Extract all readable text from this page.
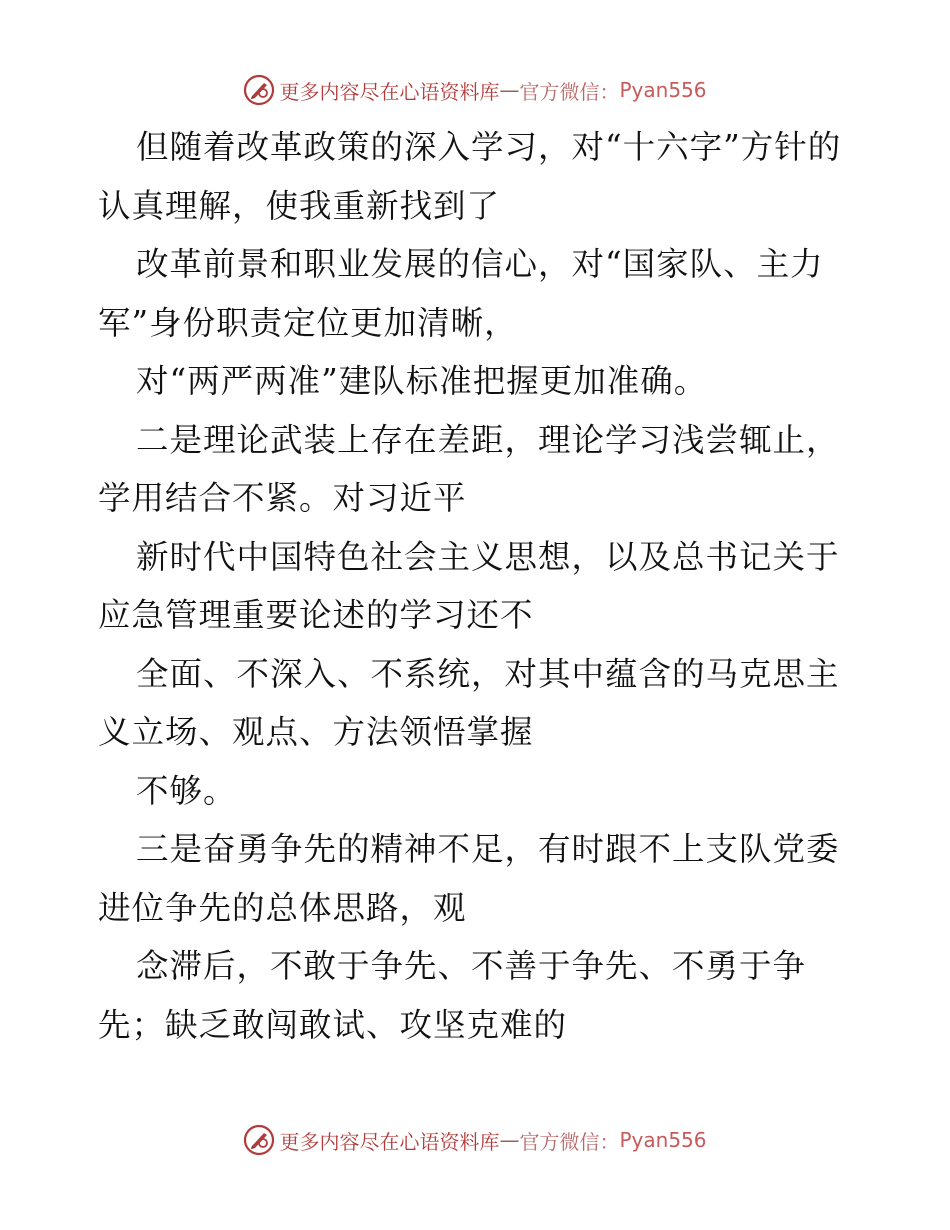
更多内容尽在心语资料库 — 官方微信： Pyan556

但随着改革政策的深入学习，对“十六字”方针的认真理解，使我重新找到了

改革前景和职业发展的信心，对“国家队、主力军”身份职责定位更加清晰，

对“两严两准”建队标准把握更加准确。

二是理论武装上存在差距，理论学习浅尝辄止，学用结合不紧。对习近平

新时代中国特色社会主义思想，以及总书记关于应急管理重要论述的学习还不

全面、不深入、不系统，对其中蕴含的马克思主义立场、观点、方法领悟掌握

不够。

三是奋勇争先的精神不足，有时跟不上支队党委进位争先的总体思路，观

念滞后，不敢于争先、不善于争先、不勇于争先；缺乏敢闯敢试、攻坚克难的

更多内容尽在心语资料库 — 官方微信： Pyan556
